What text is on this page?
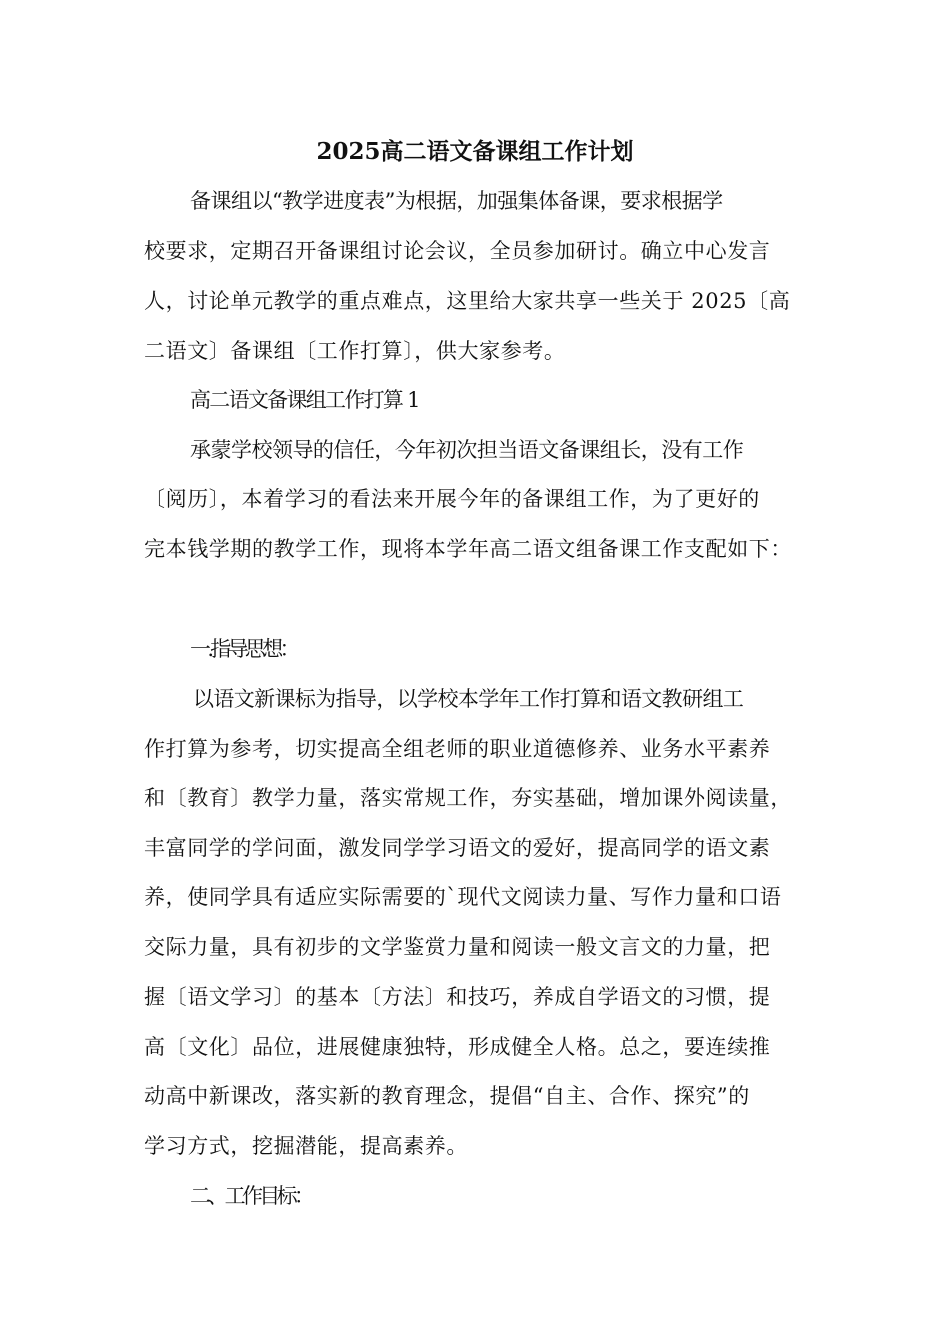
2025高二语文备课组工作计划
备课组以“教学进度表”为根据，加强集体备课，要求根据学
校要求，定期召开备课组讨论会议，全员参加研讨。确立中心发言
人，讨论单元教学的重点难点，这里给大家共享一些关于 2025〔高
二语文〕备课组〔工作打算〕，供大家参考。
高二语文备课组工作打算 1
承蒙学校领导的信任，今年初次担当语文备课组长，没有工作
〔阅历〕，本着学习的看法来开展今年的备课组工作，为了更好的
完本钱学期的教学工作，现将本学年高二语文组备课工作支配如下：
一.指导思想：
以语文新课标为指导，以学校本学年工作打算和语文教研组工
作打算为参考，切实提高全组老师的职业道德修养、业务水平素养
和〔教育〕教学力量，落实常规工作，夯实基础，增加课外阅读量，
丰富同学的学问面，激发同学学习语文的爱好，提高同学的语文素
养，使同学具有适应实际需要的`现代文阅读力量、写作力量和口语
交际力量，具有初步的文学鉴赏力量和阅读一般文言文的力量，把
握〔语文学习〕的基本〔方法〕和技巧，养成自学语文的习惯，提
高〔文化〕品位，进展健康独特，形成健全人格。总之，要连续推
动高中新课改，落实新的教育理念，提倡“自主、合作、探究”的
学习方式，挖掘潜能，提高素养。
二、工作目标：
